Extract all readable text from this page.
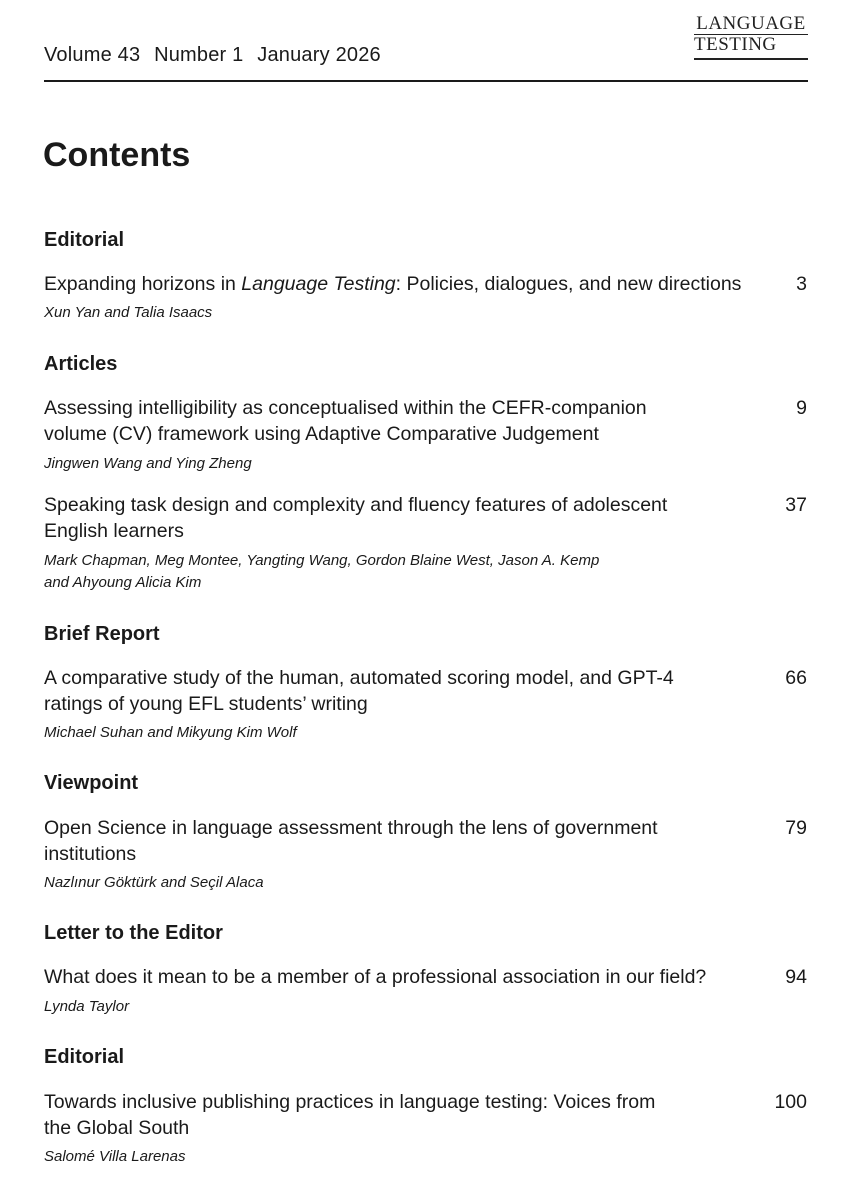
Volume 43 Number 1 January 2026
LANGUAGE
TESTING
Contents
Editorial

Expanding horizons in Language Testing: Policies, dialogues, and new directions	3
Xun Yan and Talia Isaacs
Articles
Assessing intelligibility as conceptualised within the CEFR-companion
volume (CV) framework using Adaptive Comparative Judgement
9
Jingwen Wang and Ying Zheng
Speaking task design and complexity and fluency features of adolescent
English learners
37
Mark Chapman, Meg Montee, Yangting Wang, Gordon Blaine West, Jason A. Kemp
and Ahyoung Alicia Kim
Brief Report
A comparative study of the human, automated scoring model, and GPT-4
ratings of young EFL students’ writing
66
Michael Suhan and Mikyung Kim Wolf
Viewpoint
Open Science in language assessment through the lens of government
institutions
79
Nazlınur Göktürk and Seçil Alaca
Letter to the Editor

What does it mean to be a member of a professional association in our field?	94
Lynda Taylor
Editorial
Towards inclusive publishing practices in language testing: Voices from
the Global South
100
Salomé Villa Larenas
